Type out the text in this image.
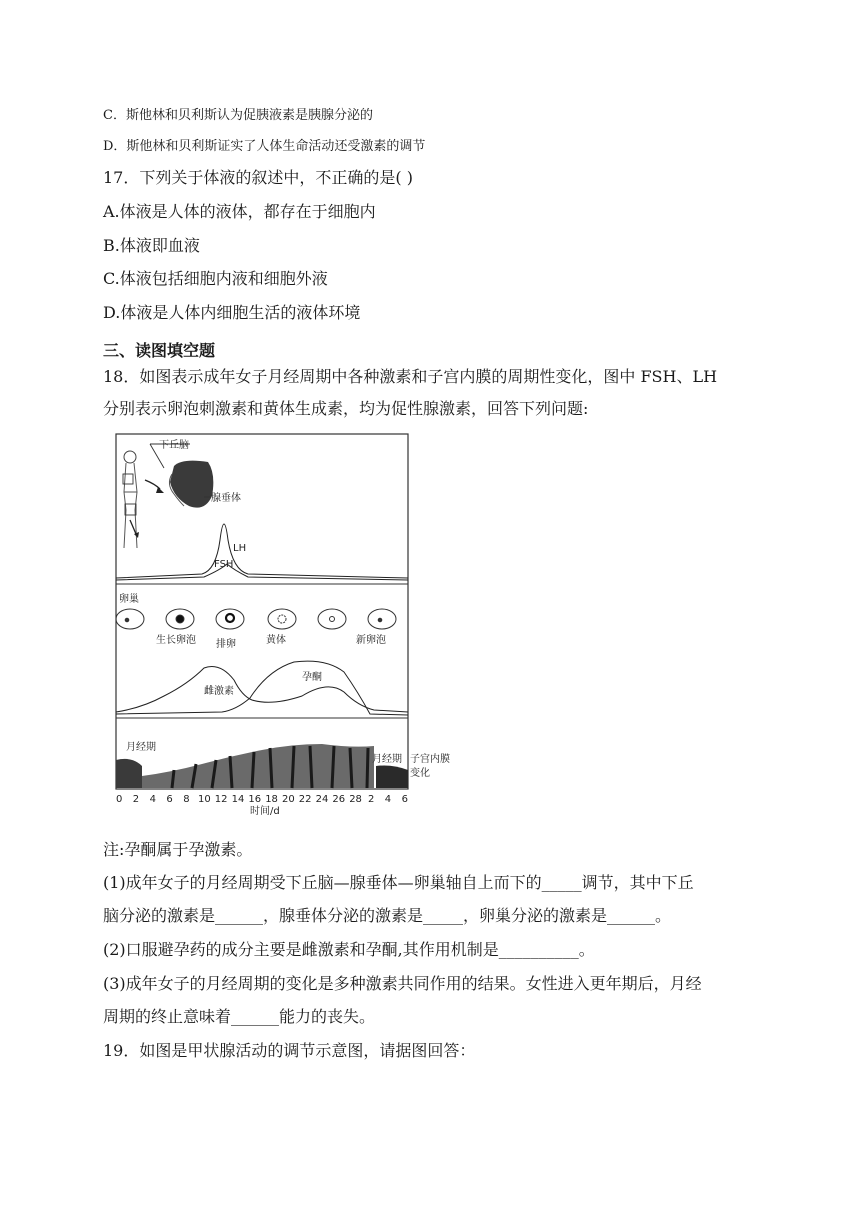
C．斯他林和贝利斯认为促胰液素是胰腺分泌的
D．斯他林和贝利斯证实了人体生命活动还受激素的调节
17．下列关于体液的叙述中，不正确的是( )
A.体液是人体的液体，都存在于细胞内
B.体液即血液
C.体液包括细胞内液和细胞外液
D.体液是人体内细胞生活的液体环境
三、读图填空题
18．如图表示成年女子月经周期中各种激素和子宫内膜的周期性变化，图中 FSH、LH
分别表示卵泡刺激素和黄体生成素，均为促性腺激素，回答下列问题:
下丘脑
腺垂体
LH
FSH
卵巢
生长卵泡 排卵	黄体	新卵泡
雌激素
孕酮
月经期
月经期 子宫内膜
变化
0 2 4 6 8 10 12 14 16 18 20 22 24 26 28 2 4 6
时间/d
注:孕酮属于孕激素。
(1)成年女子的月经周期受下丘脑—腺垂体—卵巢轴自上而下的_____调节，其中下丘
脑分泌的激素是______，腺垂体分泌的激素是_____，卵巢分泌的激素是______。
(2)口服避孕药的成分主要是雌激素和孕酮,其作用机制是__________。
(3)成年女子的月经周期的变化是多种激素共同作用的结果。女性进入更年期后，月经
周期的终止意味着______能力的丧失。
19．如图是甲状腺活动的调节示意图，请据图回答：
